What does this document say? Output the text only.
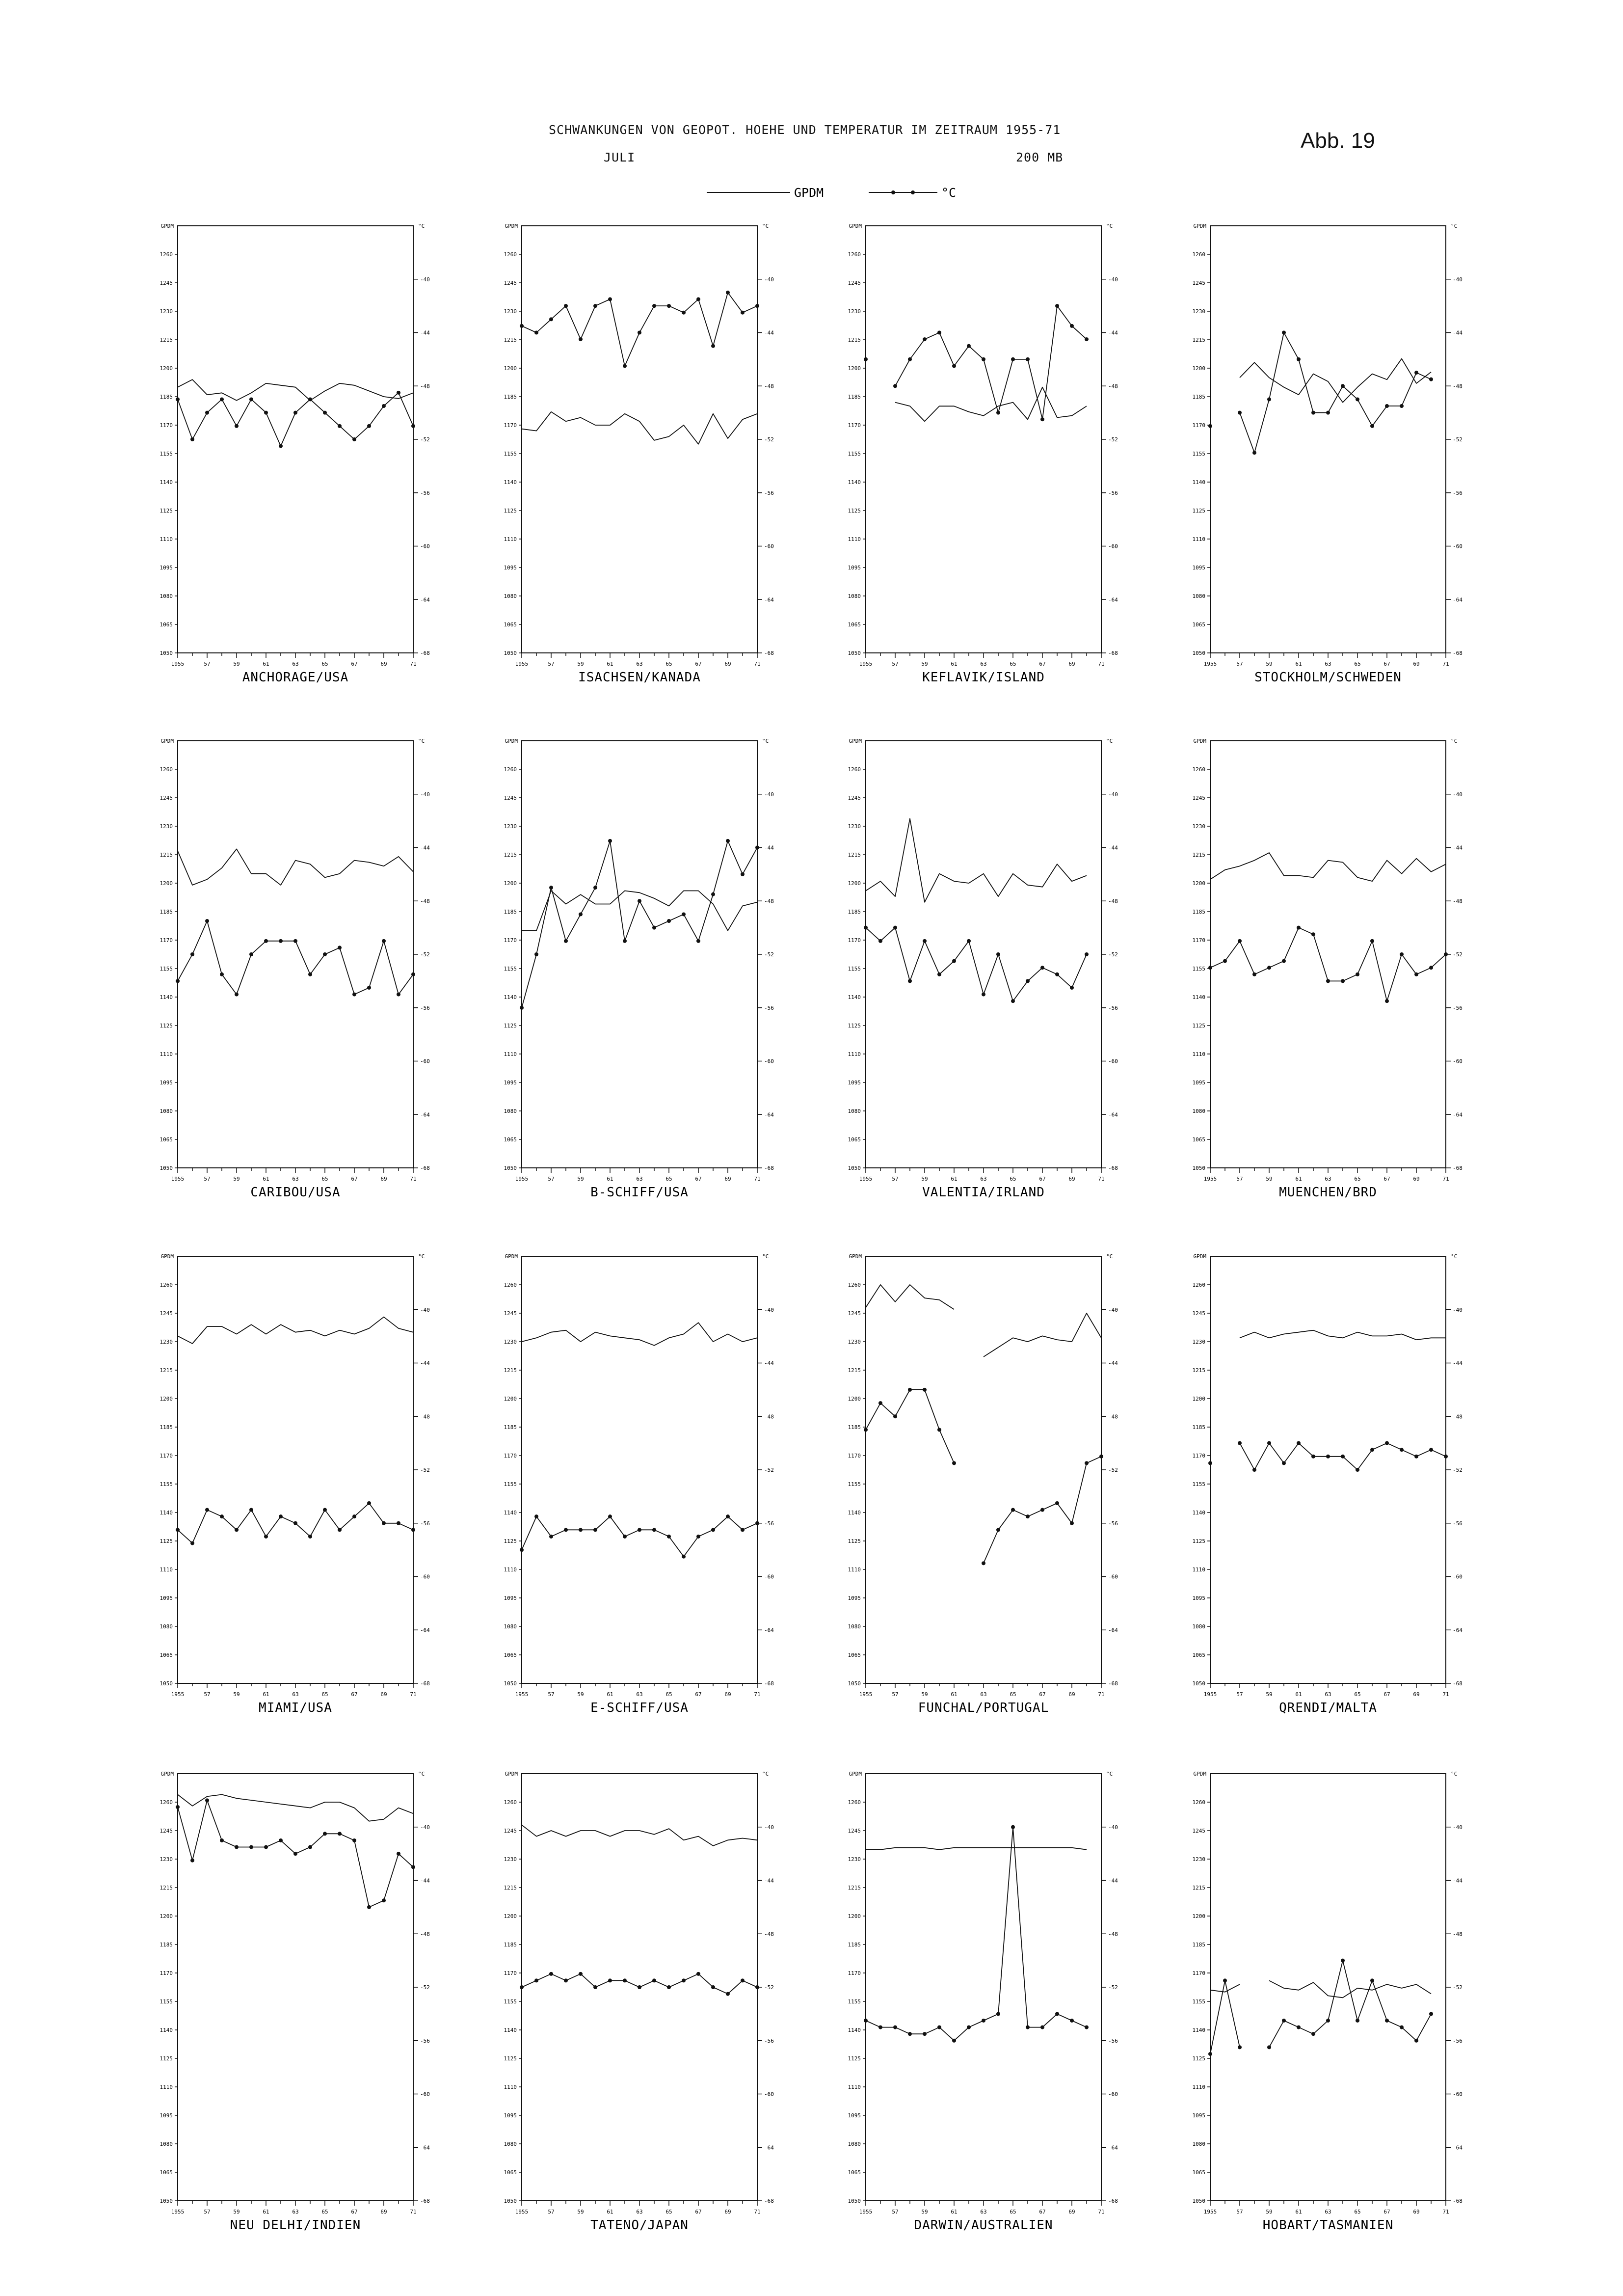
SCHWANKUNGEN VON GEOPOT. HOEHE UND TEMPERATUR IM ZEITRAUM 1955-71
JULI	200 MB
Abb. 19
GPDM	°C
GPDM	°C
1260
1245
1230
1215
1200
1185
1170
1155
1140
1125
1110
1095
1080
1065
1050
-40
-44
-48
-52
-56
-60
-64
-68
1955	57	59	61	63	65	67	69	71
ANCHORAGE/USA
GPDM	°C
1260
1245
1230
1215
1200
1185
1170
1155
1140
1125
1110
1095
1080
1065
1050
-40
-44
-48
-52
-56
-60
-64
-68
1955	57	59	61	63	65	67	69	71
ISACHSEN/KANADA
GPDM	°C
1260
1245
1230
1215
1200
1185
1170
1155
1140
1125
1110
1095
1080
1065
1050
-40
-44
-48
-52
-56
-60
-64
-68
1955	57	59	61	63	65	67	69	71
KEFLAVIK/ISLAND
GPDM	°C
1260
1245
1230
1215
1200
1185
1170
1155
1140
1125
1110
1095
1080
1065
1050
-40
-44
-48
-52
-56
-60
-64
-68
1955	57	59	61	63	65	67	69	71
STOCKHOLM/SCHWEDEN
GPDM	°C
1260
1245
1230
1215
1200
1185
1170
1155
1140
1125
1110
1095
1080
1065
1050
-40
-44
-48
-52
-56
-60
-64
-68
1955	57	59	61	63	65	67	69	71
CARIBOU/USA
GPDM	°C
1260
1245
1230
1215
1200
1185
1170
1155
1140
1125
1110
1095
1080
1065
1050
-40
-44
-48
-52
-56
-60
-64
-68
1955	57	59	61	63	65	67	69	71
B-SCHIFF/USA
GPDM	°C
1260
1245
1230
1215
1200
1185
1170
1155
1140
1125
1110
1095
1080
1065
1050
-40
-44
-48
-52
-56
-60
-64
-68
1955	57	59	61	63	65	67	69	71
VALENTIA/IRLAND
GPDM	°C
1260
1245
1230
1215
1200
1185
1170
1155
1140
1125
1110
1095
1080
1065
1050
-40
-44
-48
-52
-56
-60
-64
-68
1955	57	59	61	63	65	67	69	71
MUENCHEN/BRD
GPDM	°C
1260
1245
1230
1215
1200
1185
1170
1155
1140
1125
1110
1095
1080
1065
1050
-40
-44
-48
-52
-56
-60
-64
-68
1955	57	59	61	63	65	67	69	71
MIAMI/USA
GPDM	°C
1260
1245
1230
1215
1200
1185
1170
1155
1140
1125
1110
1095
1080
1065
1050
-40
-44
-48
-52
-56
-60
-64
-68
1955	57	59	61	63	65	67	69	71
E-SCHIFF/USA
GPDM	°C
1260
1245
1230
1215
1200
1185
1170
1155
1140
1125
1110
1095
1080
1065
1050
-40
-44
-48
-52
-56
-60
-64
-68
1955	57	59	61	63	65	67	69	71
FUNCHAL/PORTUGAL
GPDM	°C
1260
1245
1230
1215
1200
1185
1170
1155
1140
1125
1110
1095
1080
1065
1050
-40
-44
-48
-52
-56
-60
-64
-68
1955	57	59	61	63	65	67	69	71
QRENDI/MALTA
GPDM	°C
1260
1245
1230
1215
1200
1185
1170
1155
1140
1125
1110
1095
1080
1065
1050
-40
-44
-48
-52
-56
-60
-64
-68
1955	57	59	61	63	65	67	69	71
NEU DELHI/INDIEN
GPDM	°C
1260
1245
1230
1215
1200
1185
1170
1155
1140
1125
1110
1095
1080
1065
1050
-40
-44
-48
-52
-56
-60
-64
-68
1955	57	59	61	63	65	67	69	71
TATENO/JAPAN
GPDM	°C
1260
1245
1230
1215
1200
1185
1170
1155
1140
1125
1110
1095
1080
1065
1050
-40
-44
-48
-52
-56
-60
-64
-68
1955	57	59	61	63	65	67	69	71
DARWIN/AUSTRALIEN
GPDM	°C
1260
1245
1230
1215
1200
1185
1170
1155
1140
1125
1110
1095
1080
1065
1050
-40
-44
-48
-52
-56
-60
-64
-68
1955	57	59	61	63	65	67	69	71
HOBART/TASMANIEN
